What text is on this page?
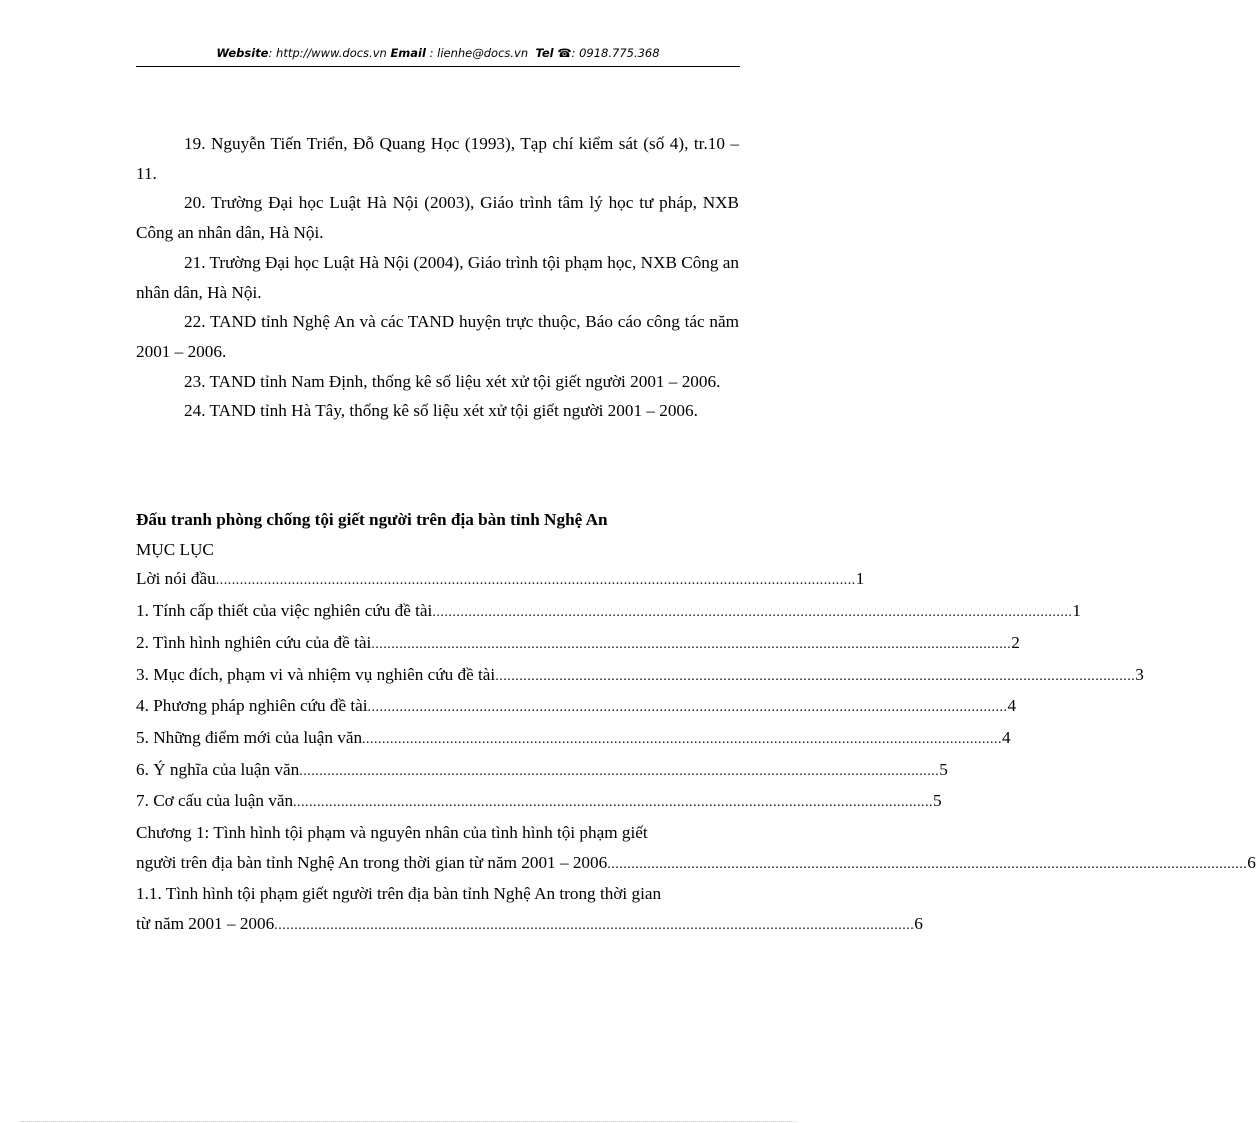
Website: http://www.docs.vn Email : lienhe@docs.vn Tel ☎: 0918.775.368

19. Nguyễn Tiến Triển, Đỗ Quang Học (1993), Tạp chí kiểm sát (số 4), tr.10 – 11.

20. Trường Đại học Luật Hà Nội (2003), Giáo trình tâm lý học tư pháp, NXB Công an nhân dân, Hà Nội.

21. Trường Đại học Luật Hà Nội (2004), Giáo trình tội phạm học, NXB Công an nhân dân, Hà Nội.

22. TAND tỉnh Nghệ An và các TAND huyện trực thuộc, Báo cáo công tác năm 2001 – 2006.

23. TAND tỉnh Nam Định, thống kê số liệu xét xử tội giết người 2001 – 2006.

24. TAND tỉnh Hà Tây, thống kê số liệu xét xử tội giết người 2001 – 2006.

Đấu tranh phòng chống tội giết người trên địa bàn tỉnh Nghệ An

MỤC LỤC

Lời nói đầu ................................................................................................................................................................ 1
1. Tính cấp thiết của việc nghiên cứu đề tài ................................................................................................................................................................ 1
2. Tình hình nghiên cứu của đề tài ................................................................................................................................................................ 2
3. Mục đích, phạm vi và nhiệm vụ nghiên cứu đề tài ................................................................................................................................................................ 3
4. Phương pháp nghiên cứu đề tài ................................................................................................................................................................ 4
5. Những điểm mới của luận văn ................................................................................................................................................................ 4
6. Ý nghĩa của luận văn ................................................................................................................................................................ 5
7. Cơ cấu của luận văn ................................................................................................................................................................ 5

Chương 1: Tình hình tội phạm và nguyên nhân của tình hình tội phạm giết

người trên địa bàn tỉnh Nghệ An trong thời gian từ năm 2001 – 2006 ................................................................................................................................................................ 6

1.1. Tình hình tội phạm giết người trên địa bàn tỉnh Nghệ An trong thời gian

từ năm 2001 – 2006 ................................................................................................................................................................ 6
